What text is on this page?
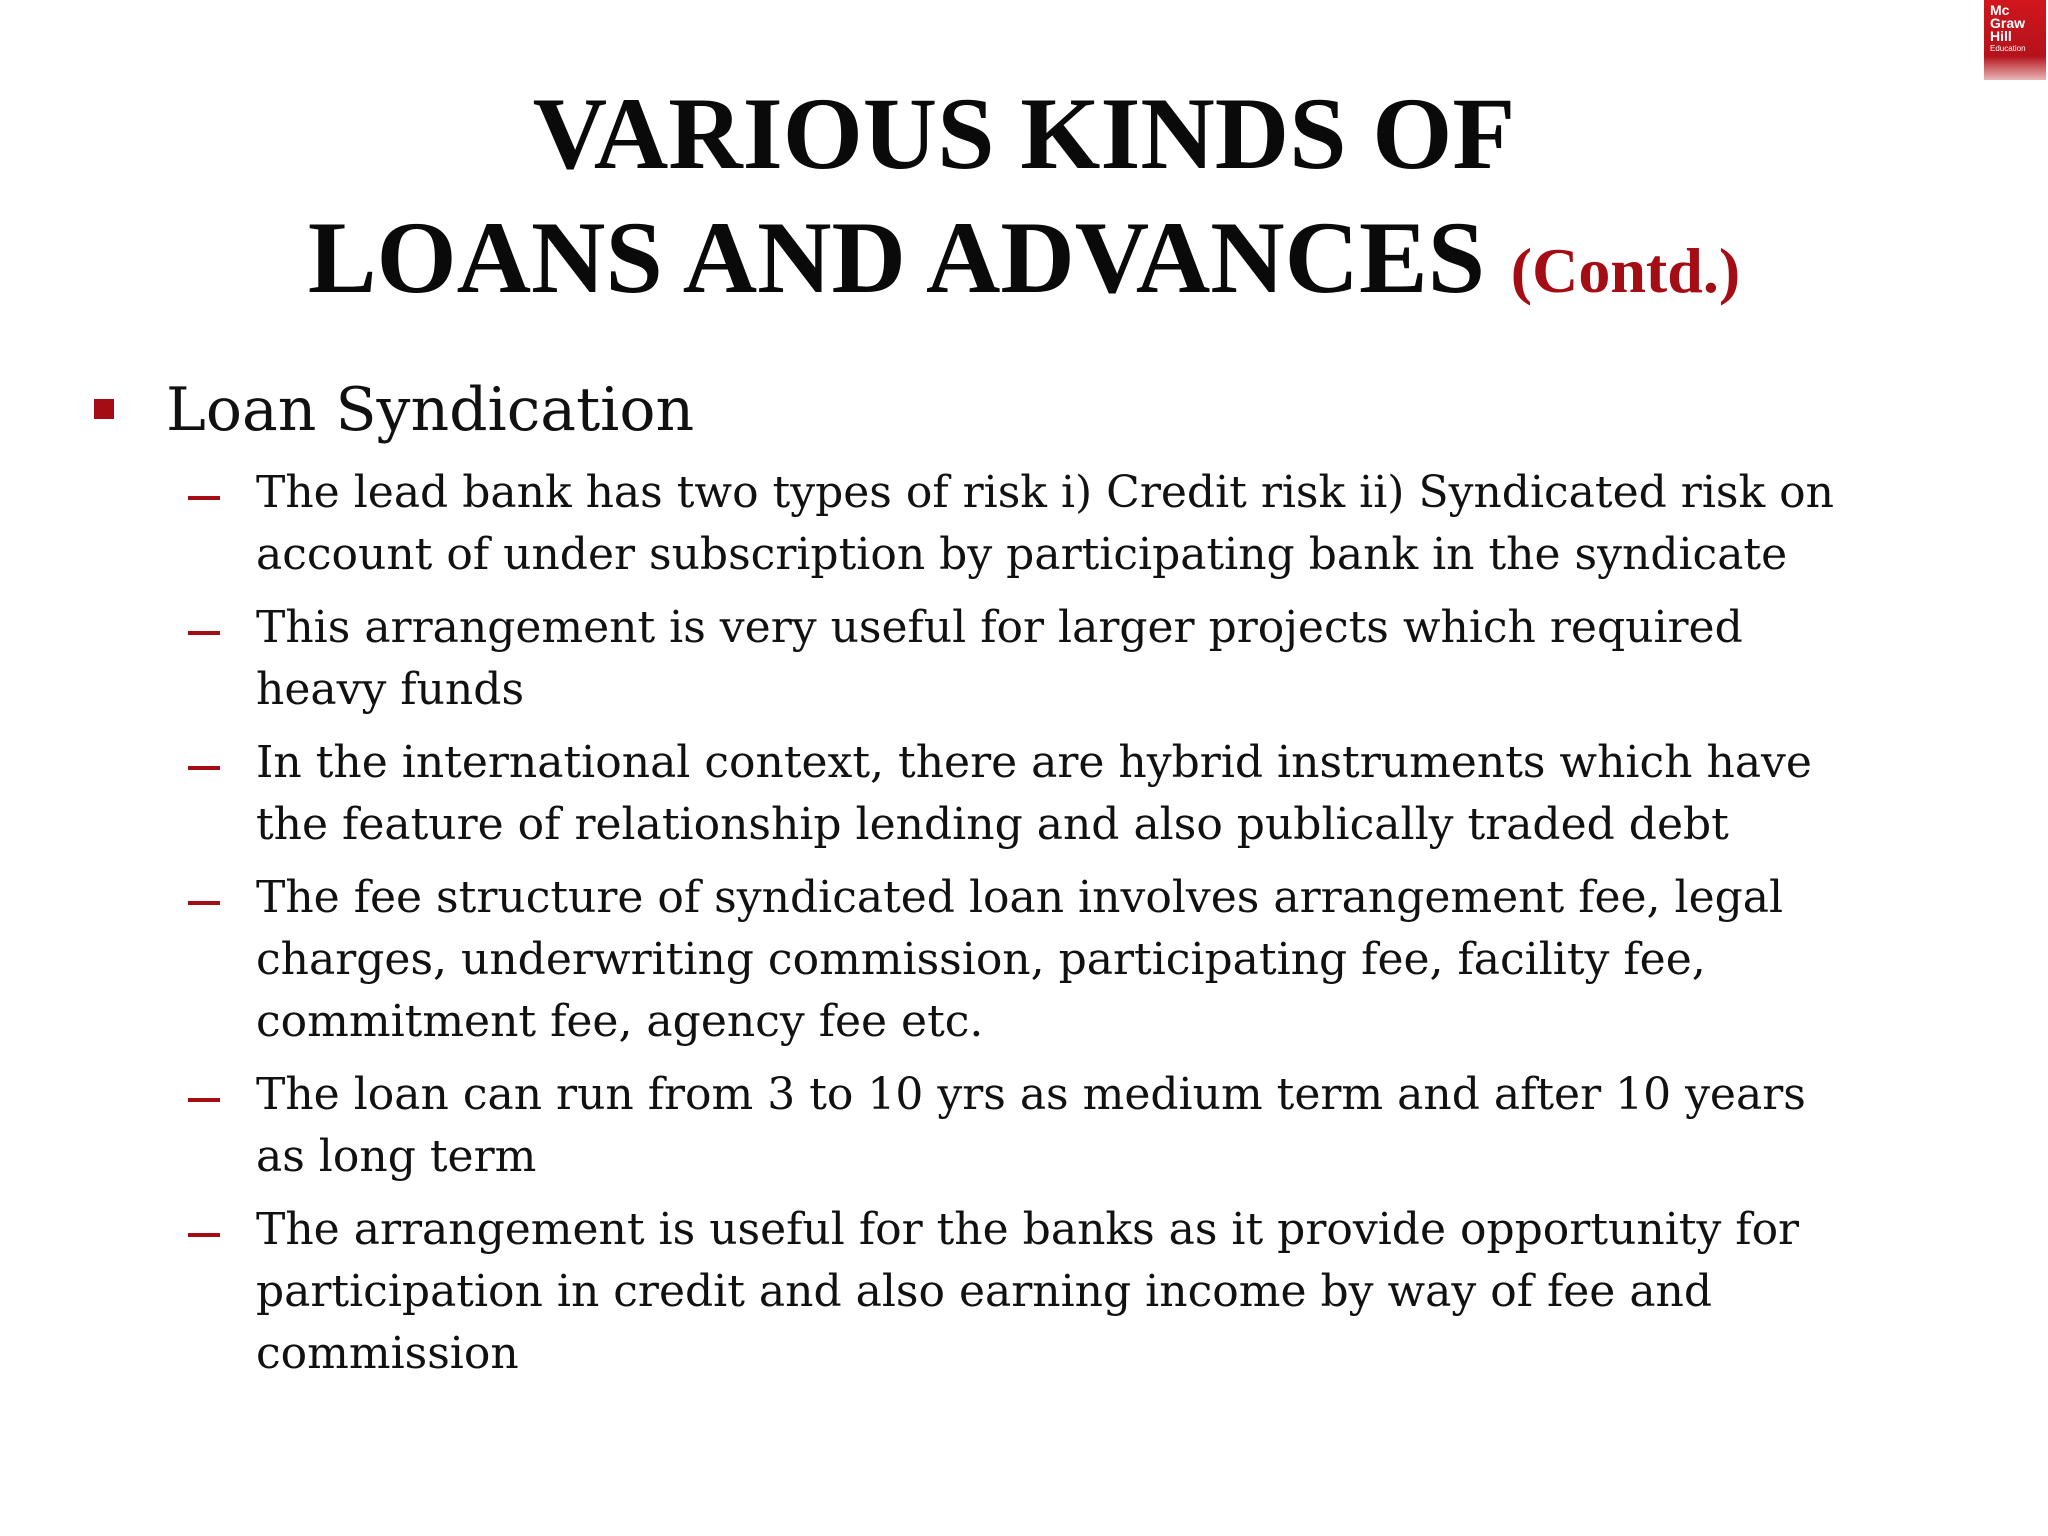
Mc
Graw
Hill
Education
VARIOUS KINDS OF
LOANS AND ADVANCES (Contd.)
Loan Syndication
The lead bank has two types of risk i) Credit risk ii) Syndicated risk on
account of under subscription by participating bank in the syndicate
This arrangement is very useful for larger projects which required
heavy funds
In the international context, there are hybrid instruments which have
the feature of relationship lending and also publically traded debt
The fee structure of syndicated loan involves arrangement fee, legal
charges, underwriting commission, participating fee, facility fee,
commitment fee, agency fee etc.
The loan can run from 3 to 10 yrs as medium term and after 10 years
as long term
The arrangement is useful for the banks as it provide opportunity for
participation in credit and also earning income by way of fee and
commission
